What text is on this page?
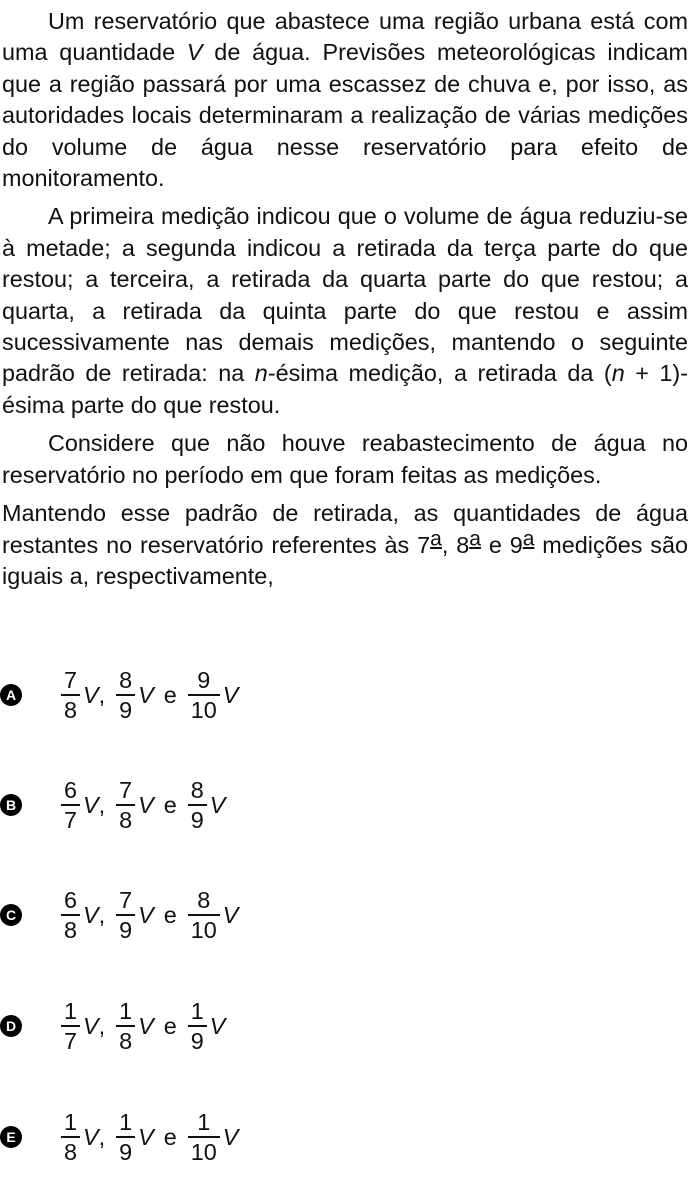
Um reservatório que abastece uma região urbana está com uma quantidade V de água. Previsões meteorológicas indicam que a região passará por uma escassez de chuva e, por isso, as autoridades locais determinaram a realização de várias medições do volume de água nesse reservatório para efeito de monitoramento.

A primeira medição indicou que o volume de água reduziu-se à metade; a segunda indicou a retirada da terça parte do que restou; a terceira, a retirada da quarta parte do que restou; a quarta, a retirada da quinta parte do que restou e assim sucessivamente nas demais medições, mantendo o seguinte padrão de retirada: na n-ésima medição, a retirada da (n + 1)-ésima parte do que restou.

Considere que não houve reabastecimento de água no reservatório no período em que foram feitas as medições.

Mantendo esse padrão de retirada, as quantidades de água restantes no reservatório referentes às 7a, 8a e 9a medições são iguais a, respectivamente,

A $\frac{7}{8}$ V , $\frac{8}{9}$ V e $\frac{9}{10}$ V
B $\frac{6}{7}$ V , $\frac{7}{8}$ V e $\frac{8}{9}$ V
C $\frac{6}{8}$ V , $\frac{7}{9}$ V e $\frac{8}{10}$ V
D $\frac{1}{7}$ V , $\frac{1}{8}$ V e $\frac{1}{9}$ V
E $\frac{1}{8}$ V , $\frac{1}{9}$ V e $\frac{1}{10}$ V
